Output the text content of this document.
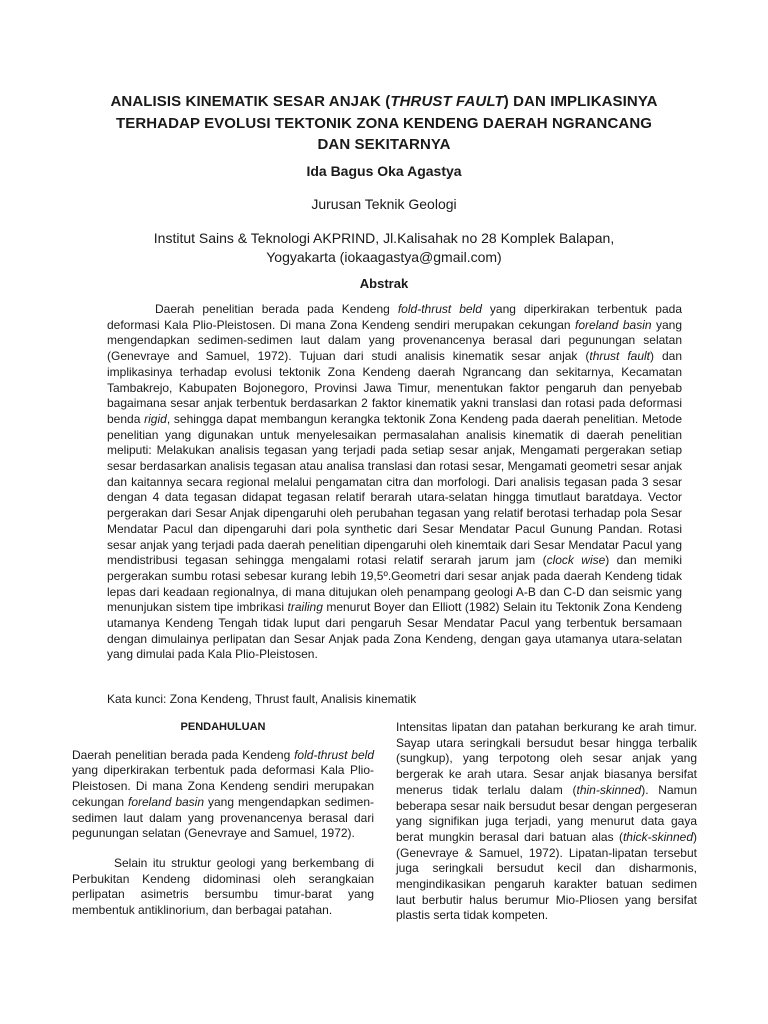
ANALISIS KINEMATIK SESAR ANJAK (THRUST FAULT) DAN IMPLIKASINYA TERHADAP EVOLUSI TEKTONIK ZONA KENDENG DAERAH NGRANCANG DAN SEKITARNYA
Ida Bagus Oka Agastya
Jurusan Teknik Geologi
Institut Sains & Teknologi AKPRIND, Jl.Kalisahak no 28 Komplek Balapan,
Yogyakarta (iokaagastya@gmail.com)
Abstrak
Daerah penelitian berada pada Kendeng fold-thrust beld yang diperkirakan terbentuk pada deformasi Kala Plio-Pleistosen. Di mana Zona Kendeng sendiri merupakan cekungan foreland basin yang mengendapkan sedimen-sedimen laut dalam yang provenancenya berasal dari pegunungan selatan (Genevraye and Samuel, 1972). Tujuan dari studi analisis kinematik sesar anjak (thrust fault) dan implikasinya terhadap evolusi tektonik Zona Kendeng daerah Ngrancang dan sekitarnya, Kecamatan Tambakrejo, Kabupaten Bojonegoro, Provinsi Jawa Timur, menentukan faktor pengaruh dan penyebab bagaimana sesar anjak terbentuk berdasarkan 2 faktor kinematik yakni translasi dan rotasi pada deformasi benda rigid, sehingga dapat membangun kerangka tektonik Zona Kendeng pada daerah penelitian. Metode penelitian yang digunakan untuk menyelesaikan permasalahan analisis kinematik di daerah penelitian meliputi: Melakukan analisis tegasan yang terjadi pada setiap sesar anjak, Mengamati pergerakan setiap sesar berdasarkan analisis tegasan atau analisa translasi dan rotasi sesar, Mengamati geometri sesar anjak dan kaitannya secara regional melalui pengamatan citra dan morfologi. Dari analisis tegasan pada 3 sesar dengan 4 data tegasan didapat tegasan relatif berarah utara-selatan hingga timutlaut baratdaya. Vector pergerakan dari Sesar Anjak dipengaruhi oleh perubahan tegasan yang relatif berotasi terhadap pola Sesar Mendatar Pacul dan dipengaruhi dari pola synthetic dari Sesar Mendatar Pacul Gunung Pandan. Rotasi sesar anjak yang terjadi pada daerah penelitian dipengaruhi oleh kinemtaik dari Sesar Mendatar Pacul yang mendistribusi tegasan sehingga mengalami rotasi relatif serarah jarum jam (clock wise) dan memiki pergerakan sumbu rotasi sebesar kurang lebih 19,5º.Geometri dari sesar anjak pada daerah Kendeng tidak lepas dari keadaan regionalnya, di mana ditujukan oleh penampang geologi A-B dan C-D dan seismic yang menunjukan sistem tipe imbrikasi trailing menurut Boyer dan Elliott (1982) Selain itu Tektonik Zona Kendeng utamanya Kendeng Tengah tidak luput dari pengaruh Sesar Mendatar Pacul yang terbentuk bersamaan dengan dimulainya perlipatan dan Sesar Anjak pada Zona Kendeng, dengan gaya utamanya utara-selatan yang dimulai pada Kala Plio-Pleistosen.
Kata kunci: Zona Kendeng, Thrust fault, Analisis kinematik
PENDAHULUAN

Daerah penelitian berada pada Kendeng fold-thrust beld yang diperkirakan terbentuk pada deformasi Kala Plio-Pleistosen. Di mana Zona Kendeng sendiri merupakan cekungan foreland basin yang mengendapkan sedimen-sedimen laut dalam yang provenancenya berasal dari pegunungan selatan (Genevraye and Samuel, 1972).

Selain itu struktur geologi yang berkembang di Perbukitan Kendeng didominasi oleh serangkaian perlipatan asimetris bersumbu timur-barat yang membentuk antiklinorium, dan berbagai patahan.

Intensitas lipatan dan patahan berkurang ke arah timur. Sayap utara seringkali bersudut besar hingga terbalik (sungkup), yang terpotong oleh sesar anjak yang bergerak ke arah utara. Sesar anjak biasanya bersifat menerus tidak terlalu dalam (thin-skinned). Namun beberapa sesar naik bersudut besar dengan pergeseran yang signifikan juga terjadi, yang menurut data gaya berat mungkin berasal dari batuan alas (thick-skinned) (Genevraye & Samuel, 1972). Lipatan-lipatan tersebut juga seringkali bersudut kecil dan disharmonis, mengindikasikan pengaruh karakter batuan sedimen laut berbutir halus berumur Mio-Pliosen yang bersifat plastis serta tidak kompeten.
